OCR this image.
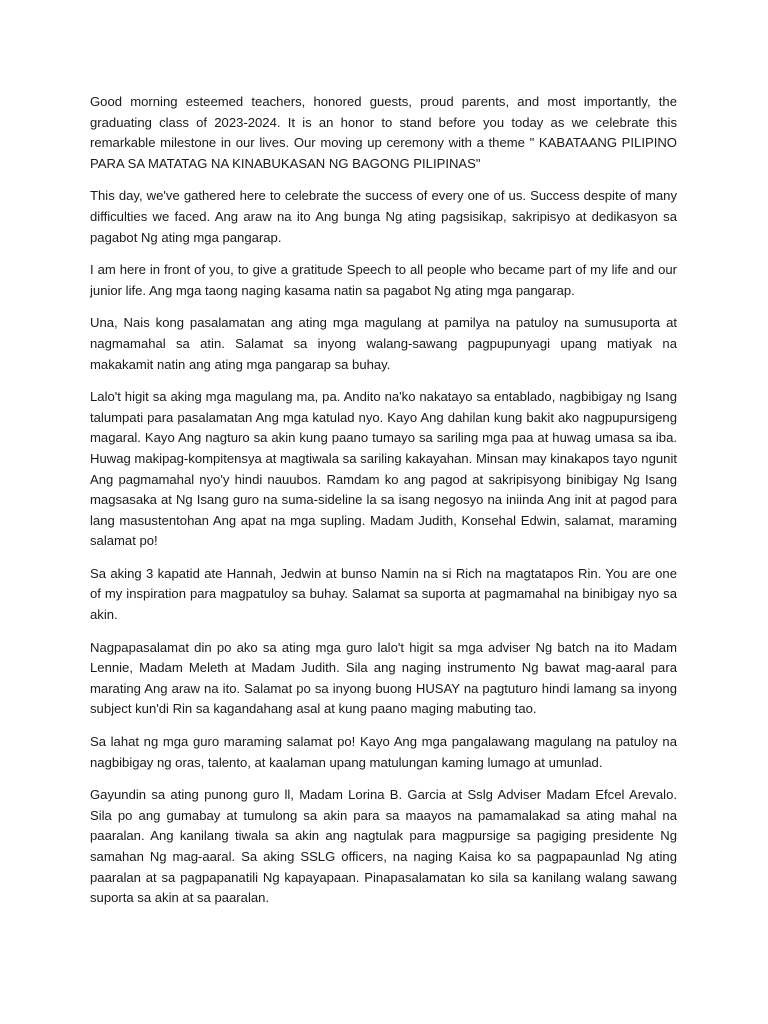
Good morning esteemed teachers, honored guests, proud parents, and most importantly, the graduating class of 2023-2024. It is an honor to stand before you today as we celebrate this remarkable milestone in our lives. Our moving up ceremony with a theme " KABATAANG PILIPINO PARA SA MATATAG NA KINABUKASAN NG BAGONG PILIPINAS"

This day, we've gathered here to celebrate the success of every one of us. Success despite of many difficulties we faced. Ang araw na ito Ang bunga Ng ating pagsisikap, sakripisyo at dedikasyon sa pagabot Ng ating mga pangarap.

I am here in front of you, to give a gratitude Speech to all people who became part of my life and our junior life. Ang mga taong naging kasama natin sa pagabot Ng ating mga pangarap.

Una, Nais kong pasalamatan ang ating mga magulang at pamilya na patuloy na sumusuporta at nagmamahal sa atin. Salamat sa inyong walang-sawang pagpupunyagi upang matiyak na makakamit natin ang ating mga pangarap sa buhay.

Lalo't higit sa aking mga magulang ma, pa. Andito na'ko nakatayo sa entablado, nagbibigay ng Isang talumpati para pasalamatan Ang mga katulad nyo. Kayo Ang dahilan kung bakit ako nagpupursigeng magaral. Kayo Ang nagturo sa akin kung paano tumayo sa sariling mga paa at huwag umasa sa iba. Huwag makipag-kompitensya at magtiwala sa sariling kakayahan. Minsan may kinakapos tayo ngunit Ang pagmamahal nyo'y hindi nauubos. Ramdam ko ang pagod at sakripisyong binibigay Ng Isang magsasaka at Ng Isang guro na suma-sideline la sa isang negosyo na iniinda Ang init at pagod para lang masustentohan Ang apat na mga supling. Madam Judith, Konsehal Edwin, salamat, maraming salamat po!

Sa aking 3 kapatid ate Hannah, Jedwin at bunso Namin na si Rich na magtatapos Rin. You are one of my inspiration para magpatuloy sa buhay. Salamat sa suporta at pagmamahal na binibigay nyo sa akin.

Nagpapasalamat din po ako sa ating mga guro lalo't higit sa mga adviser Ng batch na ito Madam Lennie, Madam Meleth at Madam Judith. Sila ang naging instrumento Ng bawat mag-aaral para marating Ang araw na ito. Salamat po sa inyong buong HUSAY na pagtuturo hindi lamang sa inyong subject kun'di Rin sa kagandahang asal at kung paano maging mabuting tao.

Sa lahat ng mga guro maraming salamat po! Kayo Ang mga pangalawang magulang na patuloy na nagbibigay ng oras, talento, at kaalaman upang matulungan kaming lumago at umunlad.

Gayundin sa ating punong guro ll, Madam Lorina B. Garcia at Sslg Adviser Madam Efcel Arevalo. Sila po ang gumabay at tumulong sa akin para sa maayos na pamamalakad sa ating mahal na paaralan. Ang kanilang tiwala sa akin ang nagtulak para magpursige sa pagiging presidente Ng samahan Ng mag-aaral. Sa aking SSLG officers, na naging Kaisa ko sa pagpapaunlad Ng ating paaralan at sa pagpapanatili Ng kapayapaan. Pinapasalamatan ko sila sa kanilang walang sawang suporta sa akin at sa paaralan.
